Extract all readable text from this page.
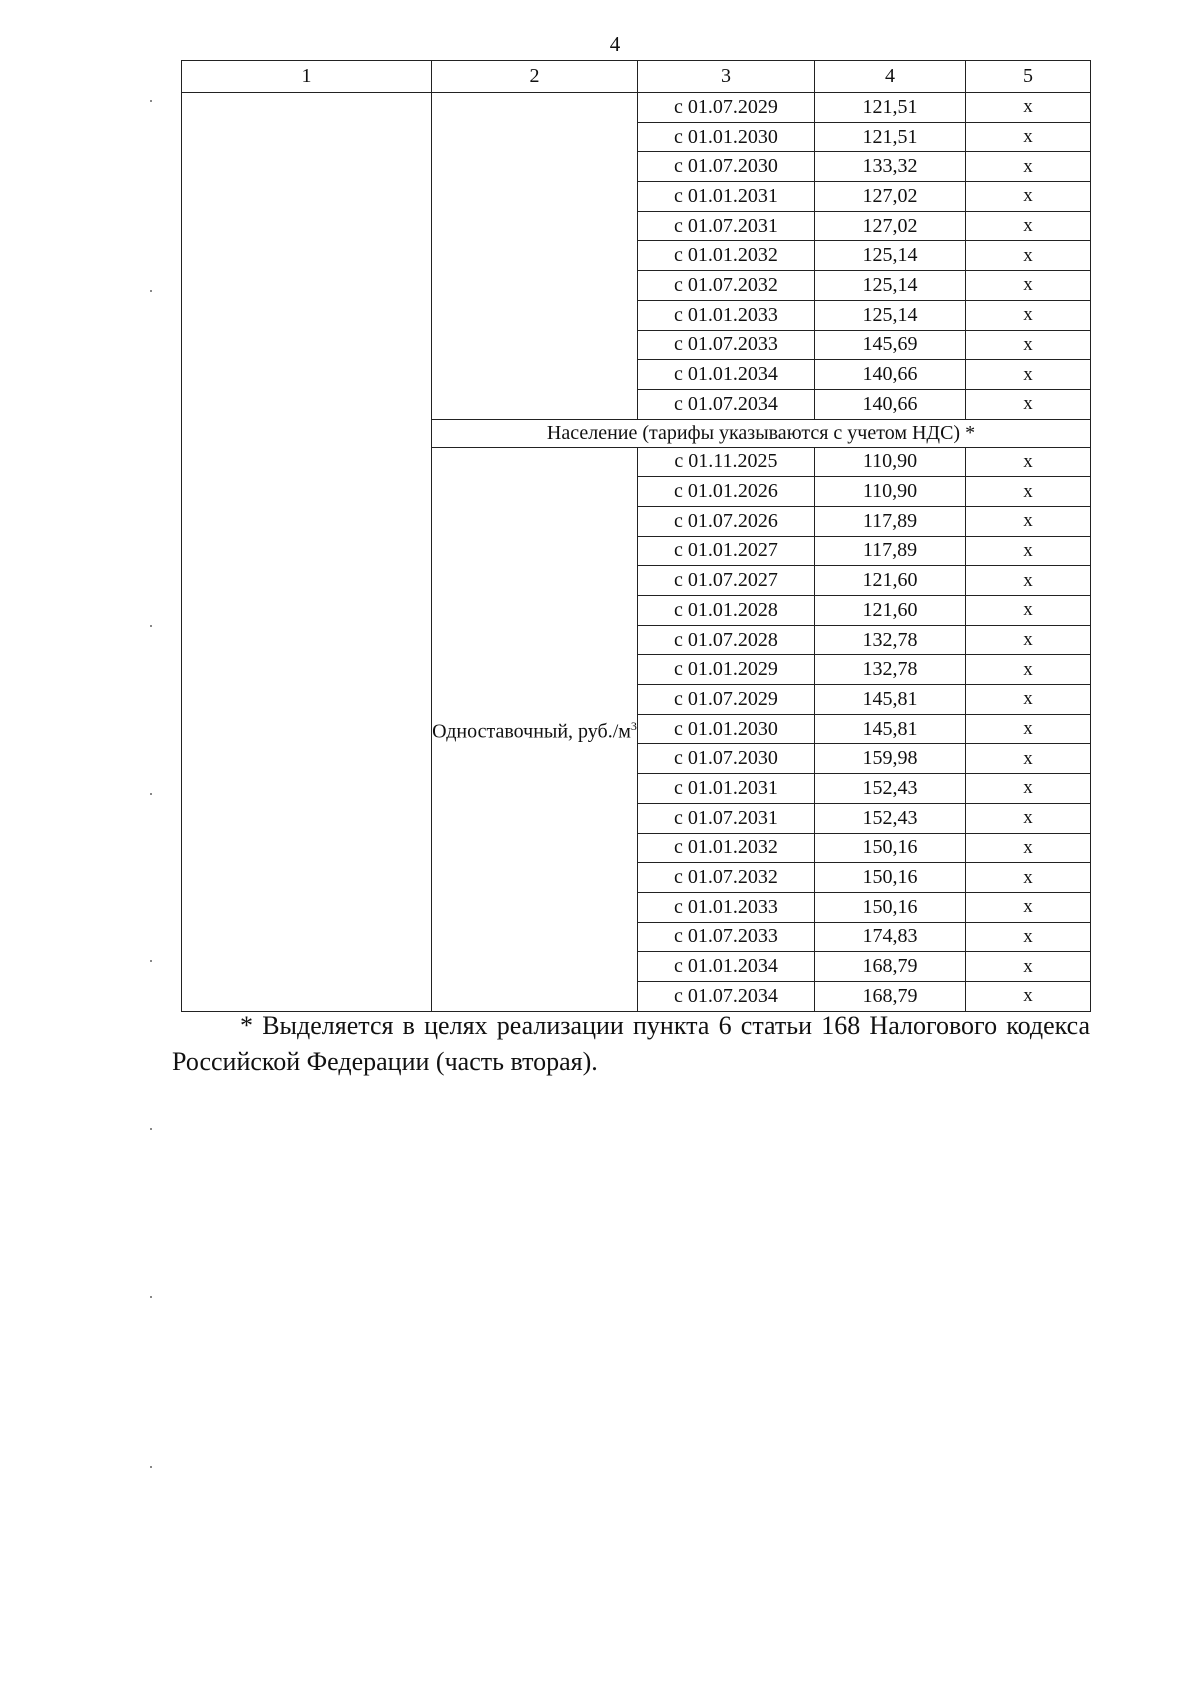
4
1	2	3	4	5
		с 01.07.2029	121,51	х
		с 01.01.2030	121,51	х
		с 01.07.2030	133,32	х
		с 01.01.2031	127,02	х
		с 01.07.2031	127,02	х
		с 01.01.2032	125,14	х
		с 01.07.2032	125,14	х
		с 01.01.2033	125,14	х
		с 01.07.2033	145,69	х
		с 01.01.2034	140,66	х
		с 01.07.2034	140,66	х
	Население (тарифы указываются с учетом НДС) *			
	Одноставочный, $руб./м^3$	с 01.11.2025	110,90	х
		с 01.01.2026	110,90	х
		с 01.07.2026	117,89	х
		с 01.01.2027	117,89	х
		с 01.07.2027	121,60	х
		с 01.01.2028	121,60	х
		с 01.07.2028	132,78	х
		с 01.01.2029	132,78	х
		с 01.07.2029	145,81	х
		с 01.01.2030	145,81	х
		с 01.07.2030	159,98	х
		с 01.01.2031	152,43	х
		с 01.07.2031	152,43	х
		с 01.01.2032	150,16	х
		с 01.07.2032	150,16	х
		с 01.01.2033	150,16	х
		с 01.07.2033	174,83	х
		с 01.01.2034	168,79	х
		с 01.07.2034	168,79	х

* Выделяется в целях реализации пункта 6 статьи 168 Налогового кодекса Российской Федерации (часть вторая).
